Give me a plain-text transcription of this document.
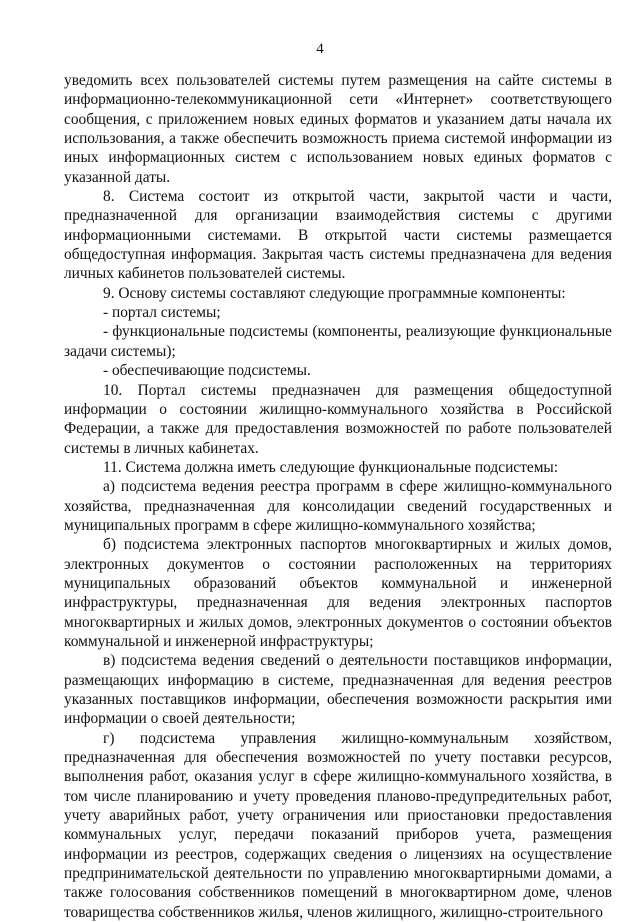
4

уведомить всех пользователей системы путем размещения на сайте системы в информационно-телекоммуникационной сети «Интернет» соответствующего сообщения, с приложением новых единых форматов и указанием даты начала их использования, а также обеспечить возможность приема системой информации из иных информационных систем с использованием новых единых форматов с указанной даты.

8. Система состоит из открытой части, закрытой части и части, предназначенной для организации взаимодействия системы с другими информационными системами. В открытой части системы размещается общедоступная информация. Закрытая часть системы предназначена для ведения личных кабинетов пользователей системы.

9. Основу системы составляют следующие программные компоненты:

- портал системы;

- функциональные подсистемы (компоненты, реализующие функциональные задачи системы);

- обеспечивающие подсистемы.

10. Портал системы предназначен для размещения общедоступной информации о состоянии жилищно-коммунального хозяйства в Российской Федерации, а также для предоставления возможностей по работе пользователей системы в личных кабинетах.

11. Система должна иметь следующие функциональные подсистемы:

а) подсистема ведения реестра программ в сфере жилищно-коммунального хозяйства, предназначенная для консолидации сведений государственных и муниципальных программ в сфере жилищно-коммунального хозяйства;

б) подсистема электронных паспортов многоквартирных и жилых домов, электронных документов о состоянии расположенных на территориях муниципальных образований объектов коммунальной и инженерной инфраструктуры, предназначенная для ведения электронных паспортов многоквартирных и жилых домов, электронных документов о состоянии объектов коммунальной и инженерной инфраструктуры;

в) подсистема ведения сведений о деятельности поставщиков информации, размещающих информацию в системе, предназначенная для ведения реестров указанных поставщиков информации, обеспечения возможности раскрытия ими информации о своей деятельности;

г) подсистема управления жилищно-коммунальным хозяйством, предназначенная для обеспечения возможностей по учету поставки ресурсов, выполнения работ, оказания услуг в сфере жилищно-коммунального хозяйства, в том числе планированию и учету проведения планово-предупредительных работ, учету аварийных работ, учету ограничения или приостановки предоставления коммунальных услуг, передачи показаний приборов учета, размещения информации из реестров, содержащих сведения о лицензиях на осуществление предпринимательской деятельности по управлению многоквартирными домами, а также голосования собственников помещений в многоквартирном доме, членов товарищества собственников жилья, членов жилищного, жилищно-строительного
